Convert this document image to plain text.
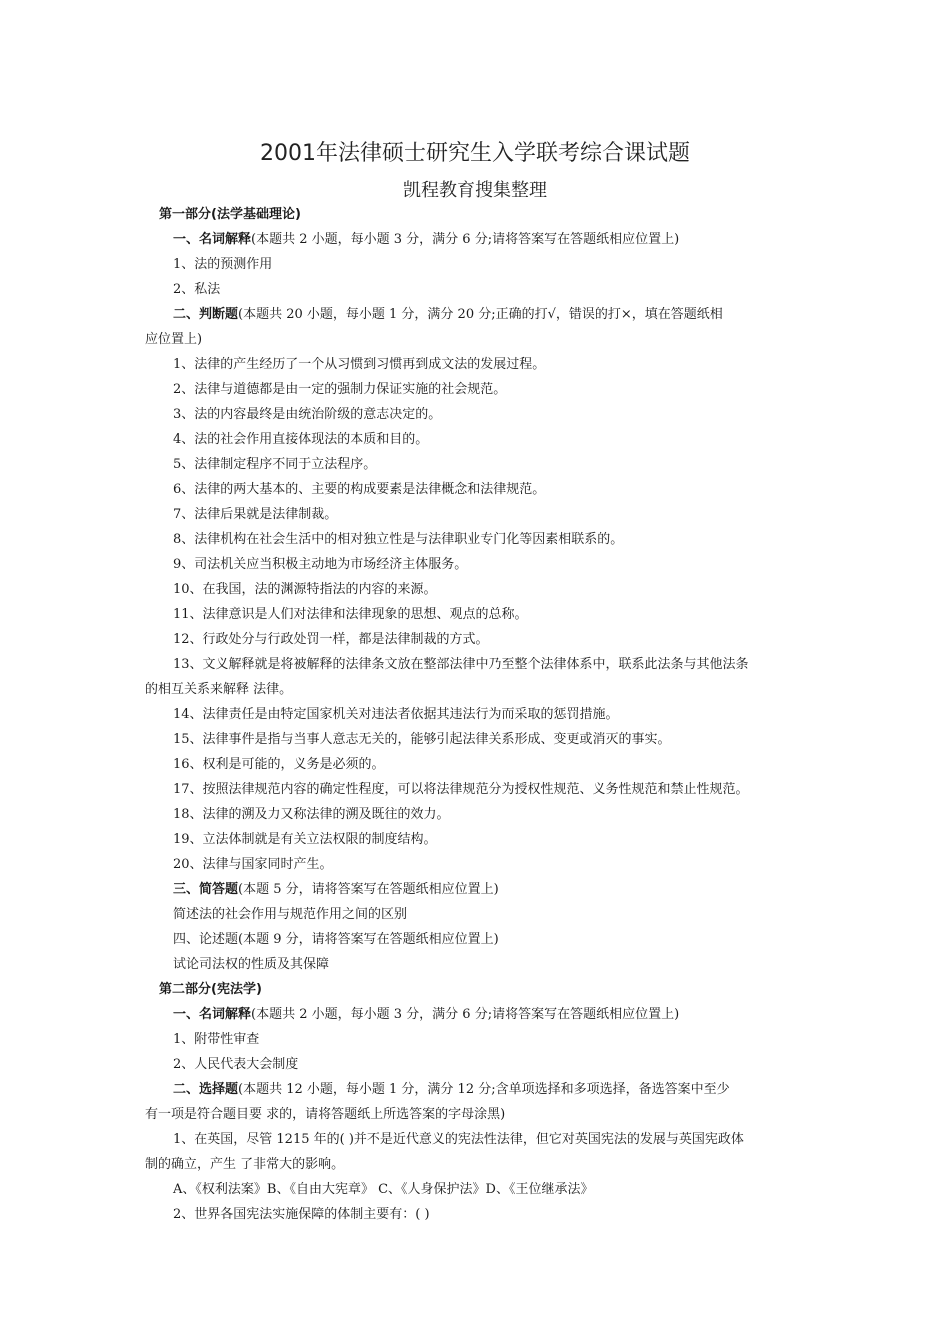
2001年法律硕士研究生入学联考综合课试题
凯程教育搜集整理
第一部分(法学基础理论)
一、名词解释(本题共 2 小题，每小题 3 分，满分 6 分;请将答案写在答题纸相应位置上)
1、法的预测作用
2、私法
二、判断题(本题共 20 小题，每小题 1 分，满分 20 分;正确的打√，错误的打×，填在答题纸相
应位置上)
1、法律的产生经历了一个从习惯到习惯再到成文法的发展过程。
2、法律与道德都是由一定的强制力保证实施的社会规范。
3、法的内容最终是由统治阶级的意志决定的。
4、法的社会作用直接体现法的本质和目的。
5、法律制定程序不同于立法程序。
6、法律的两大基本的、主要的构成要素是法律概念和法律规范。
7、法律后果就是法律制裁。
8、法律机构在社会生活中的相对独立性是与法律职业专门化等因素相联系的。
9、司法机关应当积极主动地为市场经济主体服务。
10、在我国，法的渊源特指法的内容的来源。
11、法律意识是人们对法律和法律现象的思想、观点的总称。
12、行政处分与行政处罚一样，都是法律制裁的方式。
13、文义解释就是将被解释的法律条文放在整部法律中乃至整个法律体系中，联系此法条与其他法条
的相互关系来解释 法律。
14、法律责任是由特定国家机关对违法者依据其违法行为而采取的惩罚措施。
15、法律事件是指与当事人意志无关的，能够引起法律关系形成、变更或消灭的事实。
16、权利是可能的，义务是必须的。
17、按照法律规范内容的确定性程度，可以将法律规范分为授权性规范、义务性规范和禁止性规范。
18、法律的溯及力又称法律的溯及既往的效力。
19、立法体制就是有关立法权限的制度结构。
20、法律与国家同时产生。
三、简答题(本题 5 分，请将答案写在答题纸相应位置上)
简述法的社会作用与规范作用之间的区别
四、论述题(本题 9 分，请将答案写在答题纸相应位置上)
试论司法权的性质及其保障
第二部分(宪法学)
一、名词解释(本题共 2 小题，每小题 3 分，满分 6 分;请将答案写在答题纸相应位置上)
1、附带性审查
2、人民代表大会制度
二、选择题(本题共 12 小题，每小题 1 分，满分 12 分;含单项选择和多项选择，备选答案中至少
有一项是符合题目要 求的，请将答题纸上所选答案的字母涂黑)
1、在英国，尽管 1215 年的( )并不是近代意义的宪法性法律，但它对英国宪法的发展与英国宪政体
制的确立，产生 了非常大的影响。
A、《权利法案》B、《自由大宪章》 C、《人身保护法》D、《王位继承法》
2、世界各国宪法实施保障的体制主要有：( )
